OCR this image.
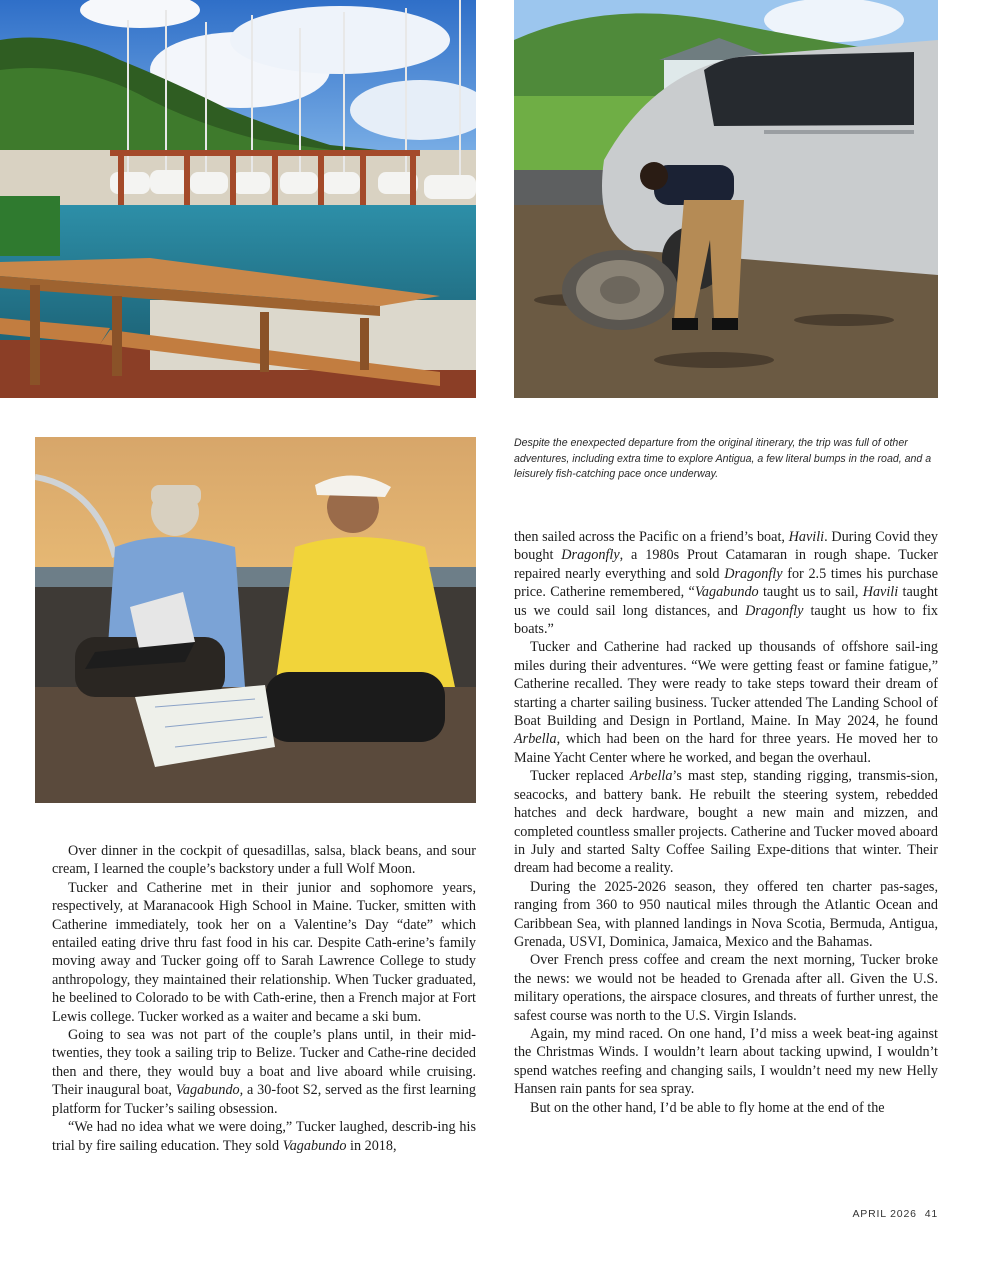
Despite the enexpected departure from the original itinerary, the trip was full of other adventures, including extra time to explore Antigua, a few literal bumps in the road, and a leisurely fish-catching pace once underway.

Over dinner in the cockpit of quesadillas, salsa, black beans, and sour cream, I learned the couple’s backstory under a full Wolf Moon.

Tucker and Catherine met in their junior and sophomore years, respectively, at Maranacook High School in Maine. Tucker, smitten with Catherine immediately, took her on a Valentine’s Day “date” which entailed eating drive thru fast food in his car. Despite Cath-erine’s family moving away and Tucker going off to Sarah Lawrence College to study anthropology, they maintained their relationship. When Tucker graduated, he beelined to Colorado to be with Cath-erine, then a French major at Fort Lewis college. Tucker worked as a waiter and became a ski bum.

Going to sea was not part of the couple’s plans until, in their mid-twenties, they took a sailing trip to Belize. Tucker and Cathe-rine decided then and there, they would buy a boat and live aboard while cruising. Their inaugural boat, Vagabundo, a 30-foot S2, served as the first learning platform for Tucker’s sailing obsession.

“We had no idea what we were doing,” Tucker laughed, describ-ing his trial by fire sailing education. They sold Vagabundo in 2018,

then sailed across the Pacific on a friend’s boat, Havili. During Covid they bought Dragonfly, a 1980s Prout Catamaran in rough shape. Tucker repaired nearly everything and sold Dragonfly for 2.5 times his purchase price. Catherine remembered, “Vagabundo taught us to sail, Havili taught us we could sail long distances, and Dragonfly taught us how to fix boats.”

Tucker and Catherine had racked up thousands of offshore sail-ing miles during their adventures. “We were getting feast or famine fatigue,” Catherine recalled. They were ready to take steps toward their dream of starting a charter sailing business. Tucker attended The Landing School of Boat Building and Design in Portland, Maine. In May 2024, he found Arbella, which had been on the hard for three years. He moved her to Maine Yacht Center where he worked, and began the overhaul.

Tucker replaced Arbella’s mast step, standing rigging, transmis-sion, seacocks, and battery bank. He rebuilt the steering system, rebedded hatches and deck hardware, bought a new main and mizzen, and completed countless smaller projects. Catherine and Tucker moved aboard in July and started Salty Coffee Sailing Expe-ditions that winter. Their dream had become a reality.

During the 2025-2026 season, they offered ten charter pas-sages, ranging from 360 to 950 nautical miles through the Atlantic Ocean and Caribbean Sea, with planned landings in Nova Scotia, Bermuda, Antigua, Grenada, USVI, Dominica, Jamaica, Mexico and the Bahamas.

Over French press coffee and cream the next morning, Tucker broke the news: we would not be headed to Grenada after all. Given the U.S. military operations, the airspace closures, and threats of further unrest, the safest course was north to the U.S. Virgin Islands.

Again, my mind raced. On one hand, I’d miss a week beat-ing against the Christmas Winds. I wouldn’t learn about tacking upwind, I wouldn’t spend watches reefing and changing sails, I wouldn’t need my new Helly Hansen rain pants for sea spray.

But on the other hand, I’d be able to fly home at the end of the

APRIL 2026 41
